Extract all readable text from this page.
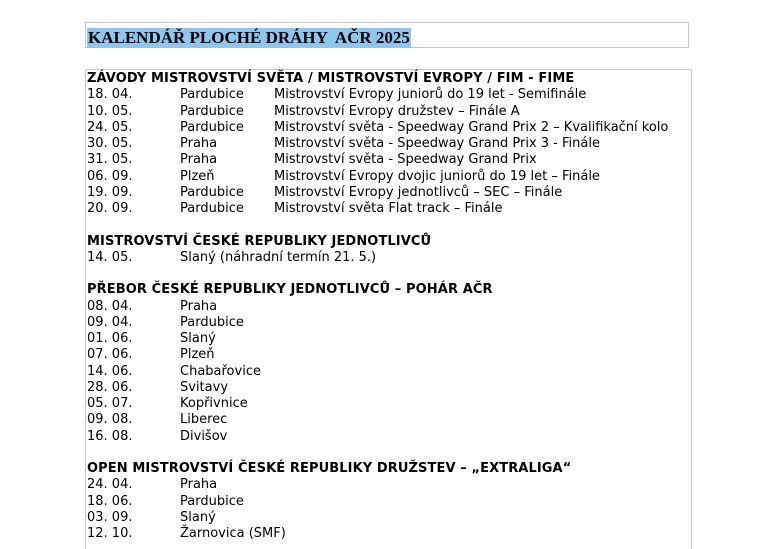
KALENDÁŘ PLOCHÉ DRÁHY  AČR 2025
ZÁVODY MISTROVSTVÍ SVĚTA / MISTROVSTVÍ EVROPY / FIM - FIME
18. 04.	Pardubice	Mistrovství Evropy juniorů do 19 let - Semifinále
10. 05.	Pardubice	Mistrovství Evropy družstev – Finále A
24. 05.	Pardubice	Mistrovství světa - Speedway Grand Prix 2 – Kvalifikační kolo
30. 05.	Praha	Mistrovství světa - Speedway Grand Prix 3 - Finále
31. 05.	Praha	Mistrovství světa - Speedway Grand Prix
06. 09.	Plzeň	Mistrovství Evropy dvojic juniorů do 19 let – Finále
19. 09.	Pardubice	Mistrovství Evropy jednotlivců – SEC – Finále
20. 09.	Pardubice	Mistrovství světa Flat track – Finále
MISTROVSTVÍ ČESKÉ REPUBLIKY JEDNOTLIVCŮ
14. 05.	Slaný (náhradní termín 21. 5.)
PŘEBOR ČESKÉ REPUBLIKY JEDNOTLIVCŮ – POHÁR AČR
08. 04.	Praha
09. 04.	Pardubice
01. 06.	Slaný
07. 06.	Plzeň
14. 06.	Chabařovice
28. 06.	Svitavy
05. 07.	Kopřivnice
09. 08.	Liberec
16. 08.	Divišov
OPEN MISTROVSTVÍ ČESKÉ REPUBLIKY DRUŽSTEV – „EXTRALIGA“
24. 04.	Praha
18. 06.	Pardubice
03. 09.	Slaný
12. 10.	Žarnovica (SMF)
